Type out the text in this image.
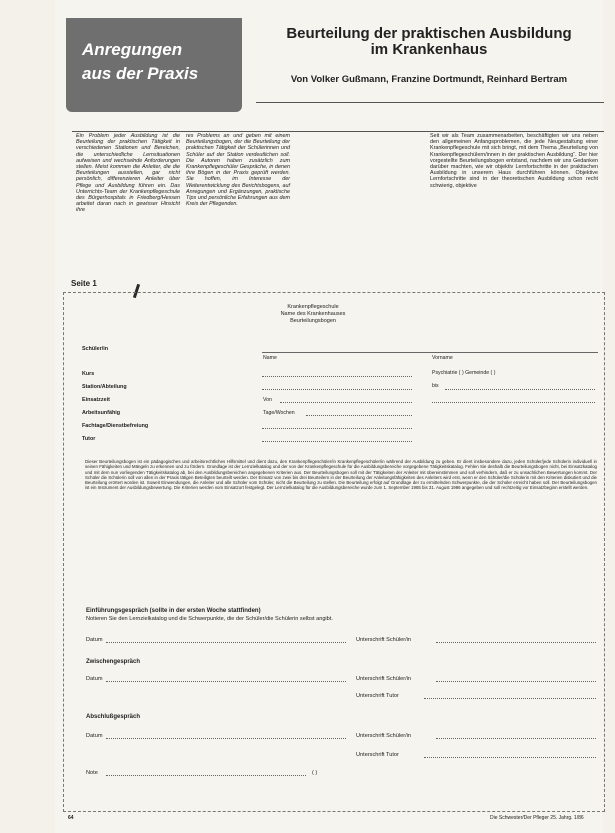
Anregungen
aus der Praxis
Beurteilung der praktischen Ausbildung
im Krankenhaus
Von Volker Gußmann, Franzine Dortmundt, Reinhard Bertram
Ein Problem jeder Ausbildung ist die Beurteilung der praktischen Tätigkeit in verschiedenen Stationen und Bereichen, die unterschiedliche Lernsituationen aufweisen und wechselnde Anforderungen stellen. Meist kommen die Anleiter, die die Beurteilungen ausstellen, gar nicht persönlich, differenzieren Anleiter über Pflege und Ausbildung führen ein. Das Unterrichts-Team der Krankenpflegeschule des Bürgerhospitals in Friedberg/Hessen arbeitet daran nach in gewisser Hinsicht ihre
res Problems an und geben mit einem Beurteilungsbogen, der die Beurteilung der praktischen Tätigkeit der Schülerinnen und Schüler auf der Station verdeutlichen soll. Die Autoren haben zusätzlich zum Krankenpflegeschüler Gespräche, in denen ihre Bögen in der Praxis geprüft werden. Sie hoffen, im Interesse der Weiterentwicklung des Berichtsbogens, auf Anregungen und Ergänzungen, praktische Tips und persönliche Erfahrungen aus dem Kreis der Pflegenden.
Seit wir als Team zusammenarbeiten, beschäftigten wir uns neben den allgemeinen Anfangsproblemen, die jede Neugestaltung einer Krankenpflegeschule mit sich bringt, mit dem Thema „Beurteilung von Krankenpflegeschülern/innen in der praktischen Ausbildung“. Der hier vorgestellte Beurteilungsbogen entstand, nachdem wir uns Gedanken darüber machten, wie wir objektiv Lernfortschritte in der praktischen Ausbildung in unserem Haus durchführen können. Objektive Lernfortschritte sind in der theoretischen Ausbildung schon recht schwierig, objektive
Seite 1
Krankenpflegeschule
Name des Krankenhauses
Beurteilungsbogen
Schüler/in
Name	Vorname
Kurs	Psychiatrie ( ) Gemeinde ( )
Station/Abteilung	bis
Einsatzzeit	Von
Arbeitsunfähig	Tage/Wochen
Fachtage/Dienstbefreiung
Tutor
Dieser Beurteilungsbogen ist ein pädagogisches und arbeitsrechtliches Hilfsmittel und dient dazu, den Krankenpflegeschüler/in Krankenpflegeschüler/in während der Ausbildung zu geben. Er dient insbesondere dazu, jeden Schüler/jede Schülerin individuell in seinen Fähigkeiten und Mängeln zu erkennen und zu fördern. Grundlage ist der Lernzielkatalog und der von der Krankenpflegeschule für die Ausbildungsbereiche vorgegebene Tätigkeitskatalog. Fehlen Sie deshalb die Beurteilungsbogen nicht, bei Einsatzkatalog und mit dem nun vorliegenden Tätigkeitskatalog ab, bei den Ausbildungsbereichen angegebenen Kriterien aus. Der Beurteilungsbogen soll mit der Tätigkeiten der Anleiter mit übereinstimmen und soll verhindern, daß er zu unsachlichen Bewertungen kommt. Der Schüler die Schülerin soll von allen in der Praxis tätigen Beteiligten beurteilt werden. Der Einsatz von zwei bis drei Beurteilern in der Beurteilung der Anleitungsfähigkeiten des Anleiters wird erst, wenn er den Schüler/die Schülerin mit den Kriterien diskutiert und die Beurteilung erörtert worden ist. Soweit Einwendungen, die Anleiter und alle Schüler vom Schüler, nicht die Beurteilung zu stellen. Die Beurteilung erfolgt auf Grundlage der zu ermittelnden Schwerpunkte, die der Schüler erreicht haben soll. Der Beurteilungsbogen ist ein Instrument der Ausbildungsbewertung. Die Kriterien werden vom Einsatzort festgelegt. Der Lernzielkatalog für die Ausbildungsbereiche wurde zum 1. September 1985 bis 31. August 1986 angegeben und soll rechtzeitig vor Einsatzbeginn erstellt werden.
Einführungsgespräch (sollte in der ersten Woche stattfinden)
Notieren Sie den Lernzielkatalog und die Schwerpunkte, die der Schüler/die Schülerin selbst angibt.
Datum	Unterschrift Schüler/in
Zwischengespräch
Datum	Unterschrift Schüler/in
Unterschrift Tutor
Abschlußgespräch
Datum	Unterschrift Schüler/in
Unterschrift Tutor
Note	( )
64	Die Schwester/Der Pfleger 25. Jahrg. 1/86
